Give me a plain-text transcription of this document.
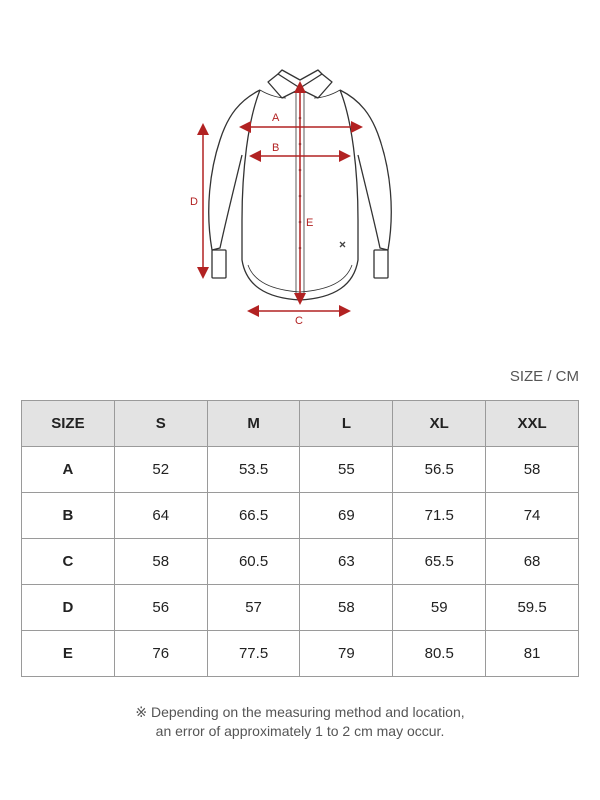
A
B
C
D
E
SIZE / CM
SIZE	S	M	L	XL	XXL
A	52	53.5	55	56.5	58
B	64	66.5	69	71.5	74
C	58	60.5	63	65.5	68
D	56	57	58	59	59.5
E	76	77.5	79	80.5	81
※ Depending on the measuring method and location,
an error of approximately 1 to 2 cm may occur.
